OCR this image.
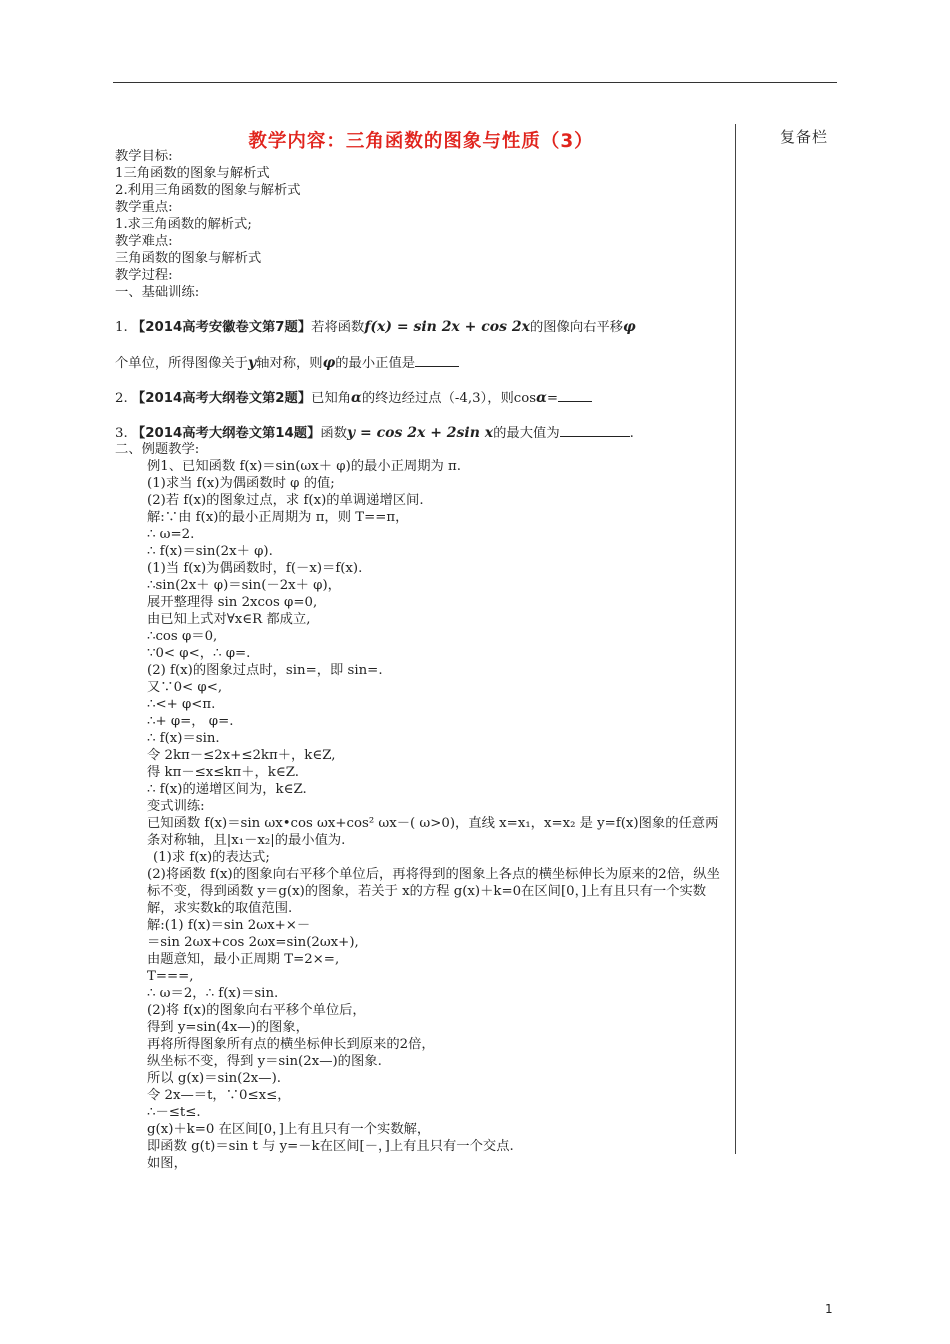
复备栏
教学内容：三角函数的图象与性质（3）
教学目标:
1三角函数的图象与解析式
2.利用三角函数的图象与解析式
教学重点:
1.求三角函数的解析式;
教学难点:
三角函数的图象与解析式
教学过程:
一、基础训练:
1. 【2014高考安徽卷文第7题】若将函数f(x) = sin 2x + cos 2x的图像向右平移φ
个单位，所得图像关于y轴对称，则φ的最小正值是
2. 【2014高考大纲卷文第2题】已知角α的终边经过点（-4,3），则cosα=
3. 【2014高考大纲卷文第14题】函数y = cos 2x + 2sin x的最大值为	.
二、例题教学:
例1、已知函数 f(x)＝sin(ωx＋ φ)的最小正周期为 π.
(1)求当 f(x)为偶函数时 φ 的值;
(2)若 f(x)的图象过点，求 f(x)的单调递增区间.
解:∵由 f(x)的最小正周期为 π，则 T==π，
∴ ω=2.
∴ f(x)＝sin(2x＋ φ).
(1)当 f(x)为偶函数时，f(－x)＝f(x).
∴sin(2x＋ φ)＝sin(－2x＋ φ)，
展开整理得 sin 2xcos φ=0,
由已知上式对∀x∈R 都成立,
∴cos φ＝0,
∵0< φ<，∴ φ=.
(2) f(x)的图象过点时，sin=，即 sin=.
又∵0< φ<,
∴<+ φ<π.
∴+ φ=， φ=.
∴ f(x)＝sin.
令 2kπ－≤2x+≤2kπ＋，k∈Z,
得 kπ－≤x≤kπ＋，k∈Z.
∴ f(x)的递增区间为，k∈Z.
变式训练:
已知函数 f(x)＝sin ωx•cos ωx+cos² ωx－( ω>0)，直线 x=x₁，x=x₂ 是 y=f(x)图象的任意两条对称轴，且|x₁－x₂|的最小值为.
(1)求 f(x)的表达式;
(2)将函数 f(x)的图象向右平移个单位后，再将得到的图象上各点的横坐标伸长为原来的2倍，纵坐标不变，得到函数 y＝g(x)的图象，若关于 x的方程 g(x)＋k=0在区间[0，]上有且只有一个实数解，求实数k的取值范围.
解:(1) f(x)＝sin 2ωx+×－
＝sin 2ωx+cos 2ωx=sin(2ωx+),
由题意知，最小正周期 T=2×=,
T===,
∴ ω＝2，∴ f(x)＝sin.
(2)将 f(x)的图象向右平移个单位后，
得到 y=sin(4x—)的图象，
再将所得图象所有点的横坐标伸长到原来的2倍，
纵坐标不变，得到 y＝sin(2x—)的图象.
所以 g(x)＝sin(2x—).
令 2x—＝t，∵0≤x≤，
∴－≤t≤.
g(x)＋k=0 在区间[0，]上有且只有一个实数解，
即函数 g(t)＝sin t 与 y=－k在区间[－，]上有且只有一个交点.
如图，
1
